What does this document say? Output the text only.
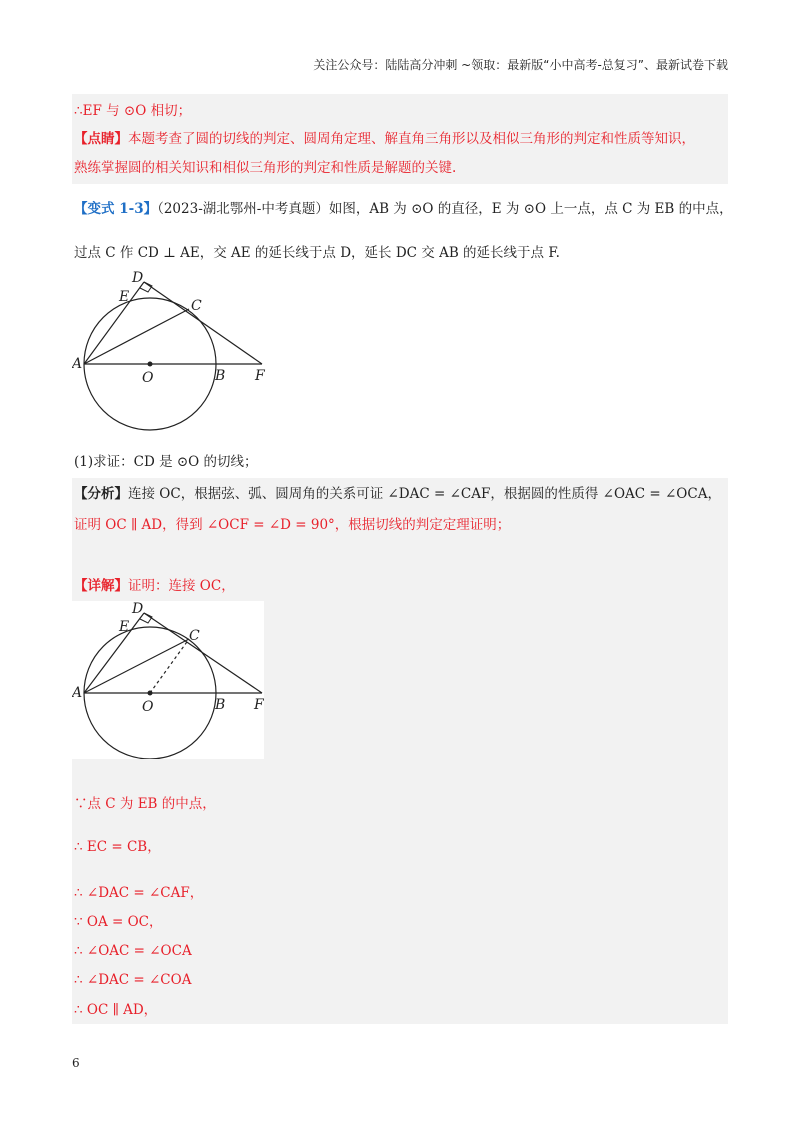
关注公众号：陆陆高分冲刺 ~领取：最新版“小中高考-总复习”、最新试卷下载
∴EF 与 ⊙O 相切；
【点睛】本题考查了圆的切线的判定、圆周角定理、解直角三角形以及相似三角形的判定和性质等知识，
熟练掌握圆的相关知识和相似三角形的判定和性质是解题的关键.
【变式 1-3】（2023-湖北鄂州-中考真题）如图，AB 为 ⊙O 的直径，E 为 ⊙O 上一点，点 C 为 EB 的中点，
过点 C 作 CD ⊥ AE，交 AE 的延长线于点 D，延长 DC 交 AB 的延长线于点 F.
D
E
C
A
O	B F
(1)求证：CD 是 ⊙O 的切线；
【分析】连接 OC，根据弦、弧、圆周角的关系可证 ∠DAC = ∠CAF，根据圆的性质得 ∠OAC = ∠OCA，
证明 OC ∥ AD，得到 ∠OCF = ∠D = 90°，根据切线的判定定理证明；
【详解】证明：连接 OC，
D
E
C
A
O	B F
∵点 C 为 EB 的中点，
∴ EC = CB，
∴ ∠DAC = ∠CAF，
∵ OA = OC，
∴ ∠OAC = ∠OCA
∴ ∠DAC = ∠COA
∴ OC ∥ AD，
6
